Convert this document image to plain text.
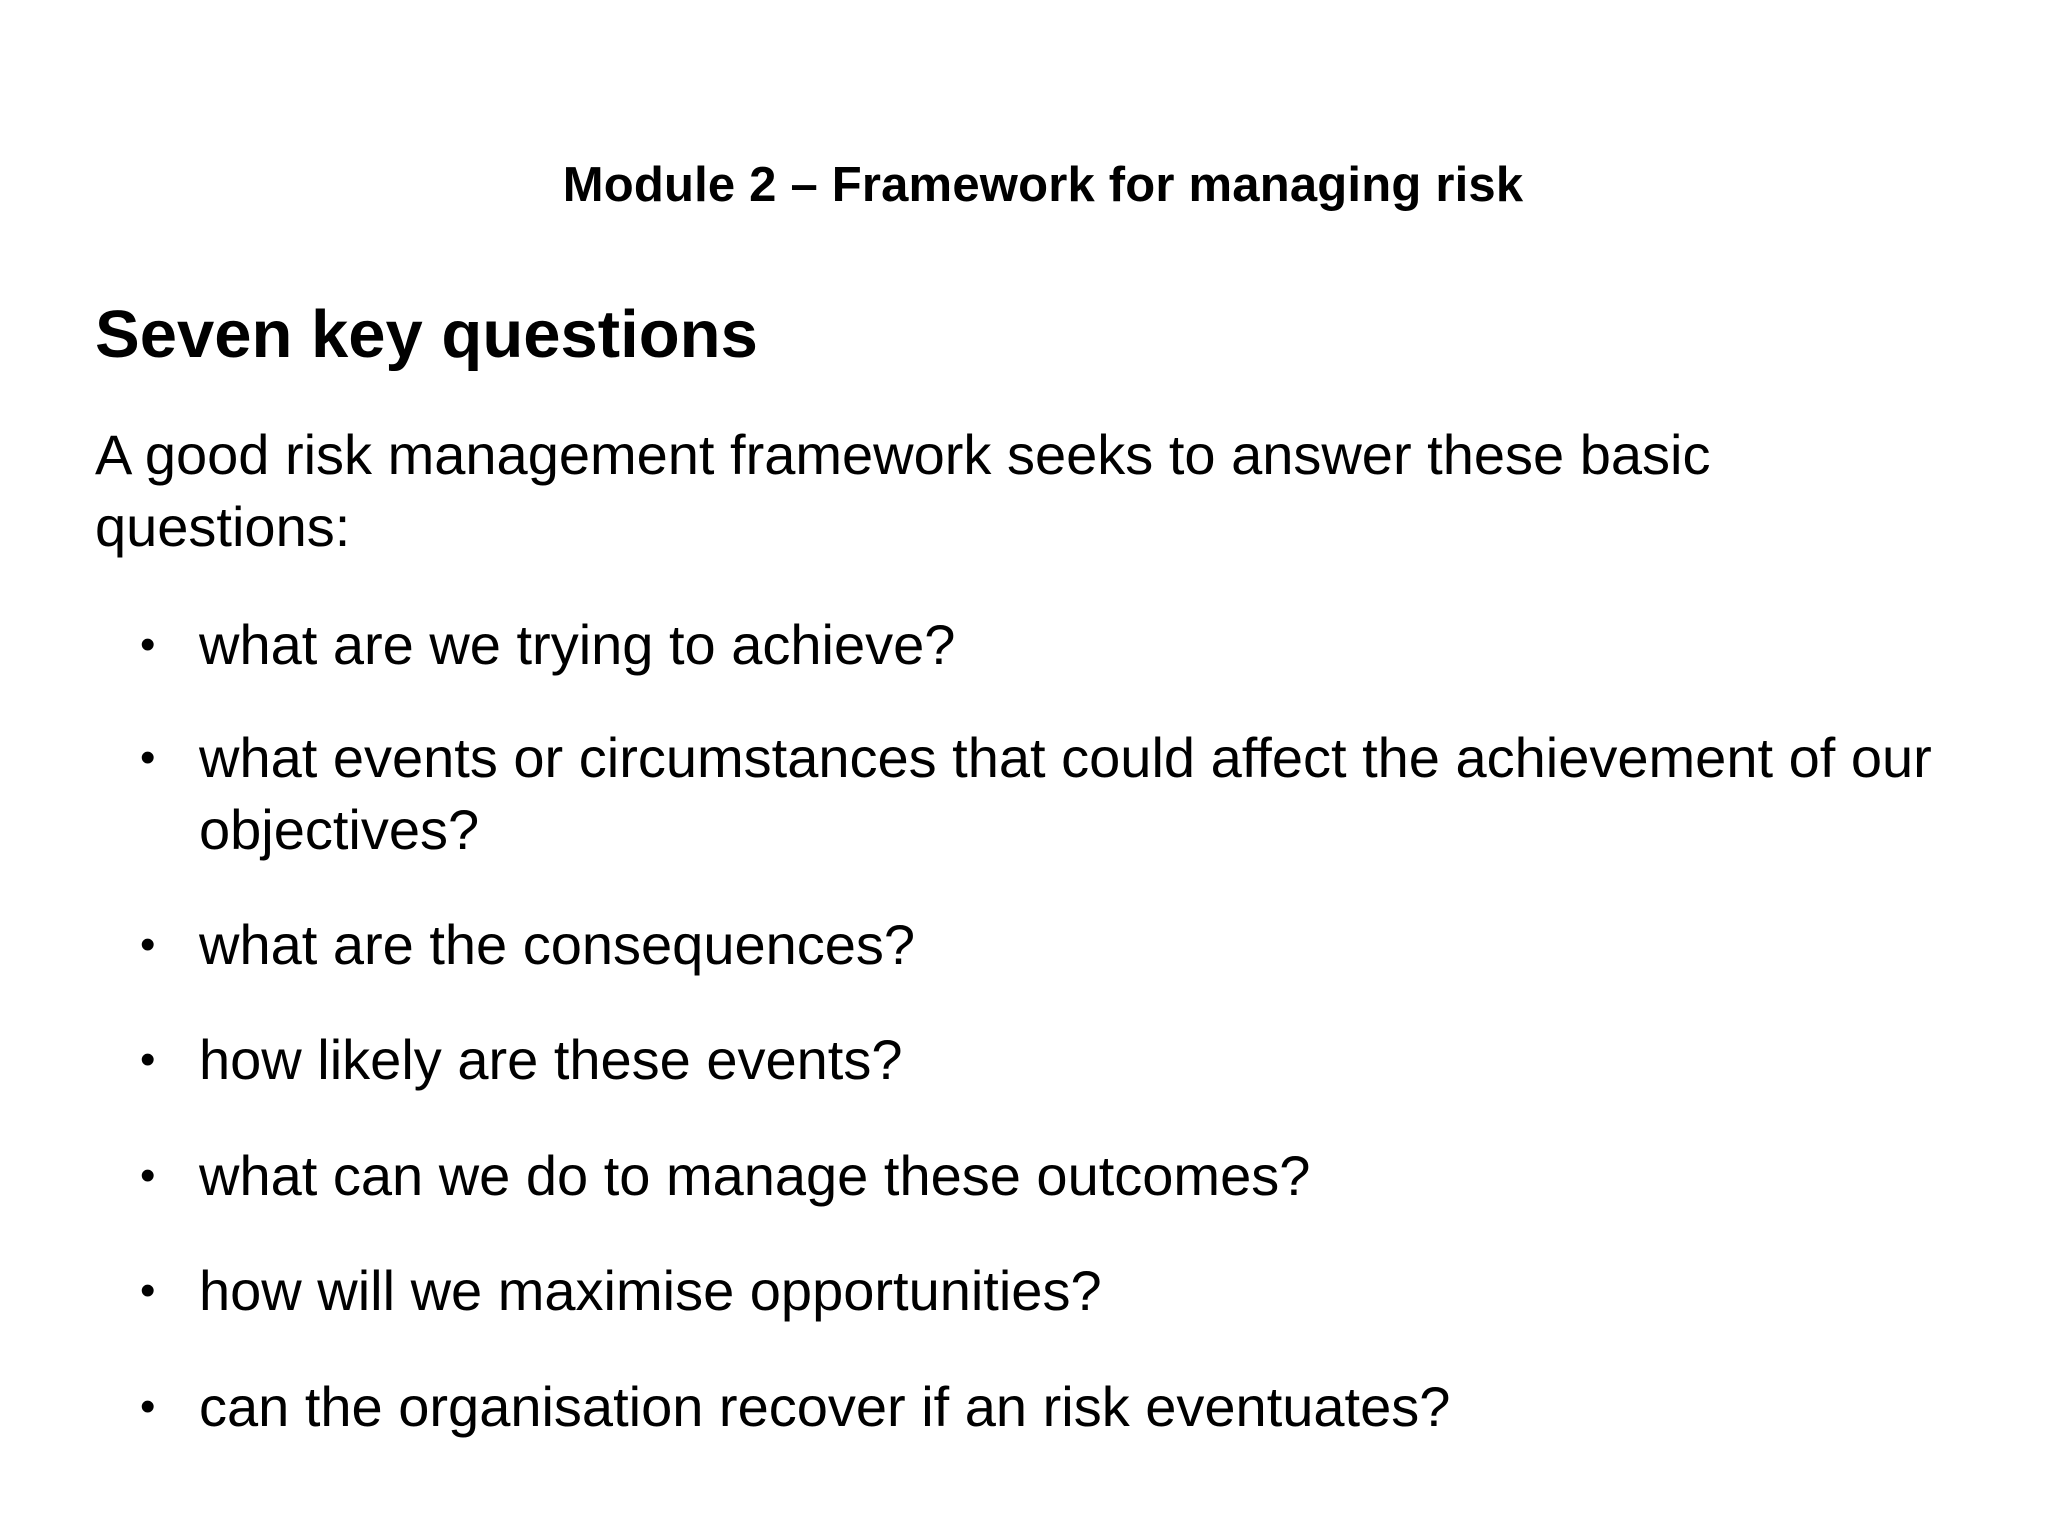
Module 2 – Framework for managing risk
Seven key questions

A good risk management framework seeks to answer these basic questions:

• what are we trying to achieve?
• what events or circumstances that could affect the achievement of our objectives?
• what are the consequences?
• how likely are these events?
• what can we do to manage these outcomes?
• how will we maximise opportunities?
• can the organisation recover if an risk eventuates?
